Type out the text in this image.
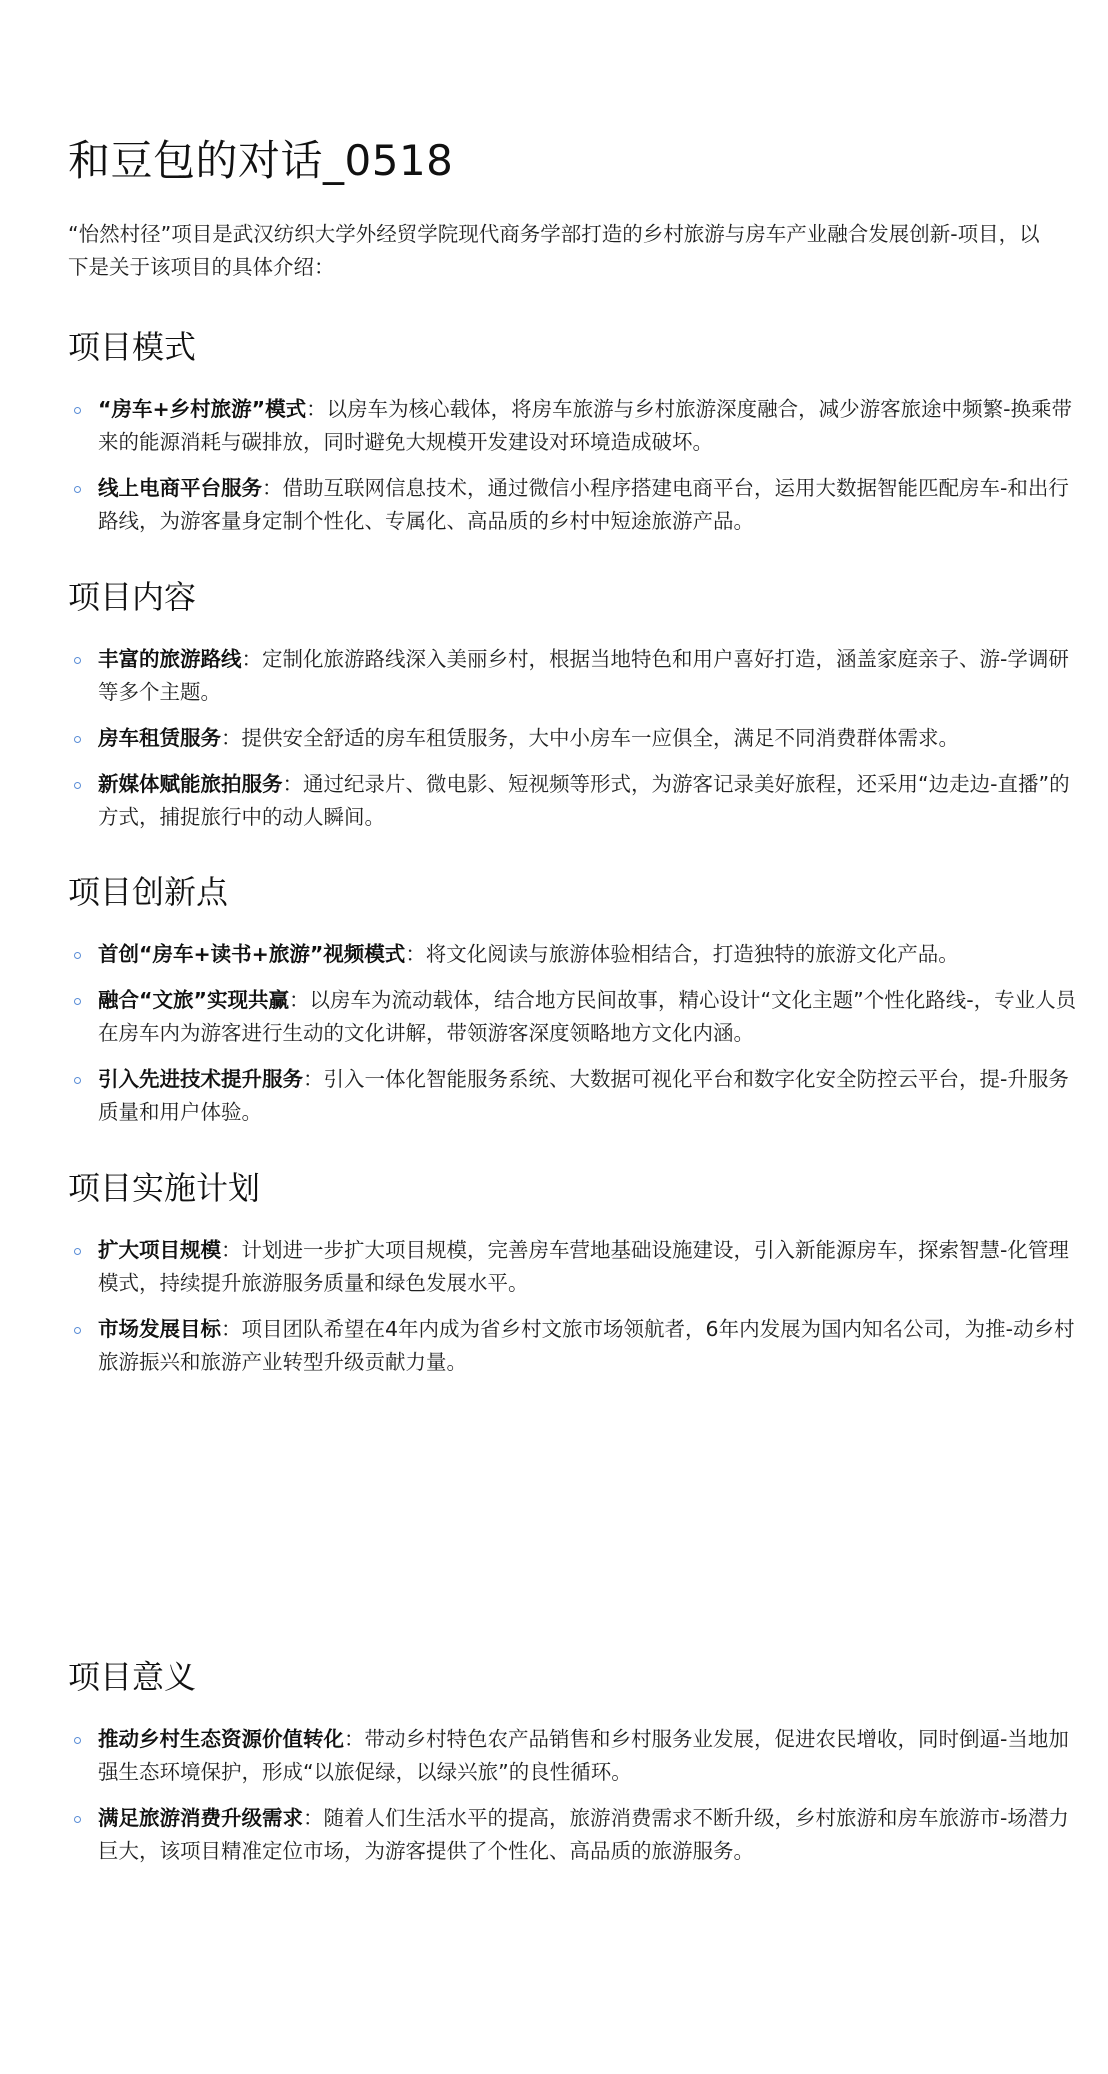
和豆包的对话_0518

“怡然村径”项目是武汉纺织大学外经贸学院现代商务学部打造的乡村旅游与房车产业融合发展创新-项目，以下是关于该项目的具体介绍：

项目模式
“房车+乡村旅游”模式：以房车为核心载体，将房车旅游与乡村旅游深度融合，减少游客旅途中频繁-换乘带来的能源消耗与碳排放，同时避免大规模开发建设对环境造成破坏。
线上电商平台服务：借助互联网信息技术，通过微信小程序搭建电商平台，运用大数据智能匹配房车-和出行路线，为游客量身定制个性化、专属化、高品质的乡村中短途旅游产品。
项目内容
丰富的旅游路线：定制化旅游路线深入美丽乡村，根据当地特色和用户喜好打造，涵盖家庭亲子、游-学调研等多个主题。
房车租赁服务：提供安全舒适的房车租赁服务，大中小房车一应俱全，满足不同消费群体需求。
新媒体赋能旅拍服务：通过纪录片、微电影、短视频等形式，为游客记录美好旅程，还采用“边走边-直播”的方式，捕捉旅行中的动人瞬间。
项目创新点
首创“房车+读书+旅游”视频模式：将文化阅读与旅游体验相结合，打造独特的旅游文化产品。
融合“文旅”实现共赢：以房车为流动载体，结合地方民间故事，精心设计“文化主题”个性化路线-，专业人员在房车内为游客进行生动的文化讲解，带领游客深度领略地方文化内涵。
引入先进技术提升服务：引入一体化智能服务系统、大数据可视化平台和数字化安全防控云平台，提-升服务质量和用户体验。
项目实施计划
扩大项目规模：计划进一步扩大项目规模，完善房车营地基础设施建设，引入新能源房车，探索智慧-化管理模式，持续提升旅游服务质量和绿色发展水平。
市场发展目标：项目团队希望在4年内成为省乡村文旅市场领航者，6年内发展为国内知名公司，为推-动乡村旅游振兴和旅游产业转型升级贡献力量。
项目意义
推动乡村生态资源价值转化：带动乡村特色农产品销售和乡村服务业发展，促进农民增收，同时倒逼-当地加强生态环境保护，形成“以旅促绿，以绿兴旅”的良性循环。
满足旅游消费升级需求：随着人们生活水平的提高，旅游消费需求不断升级，乡村旅游和房车旅游市-场潜力巨大，该项目精准定位市场，为游客提供了个性化、高品质的旅游服务。
